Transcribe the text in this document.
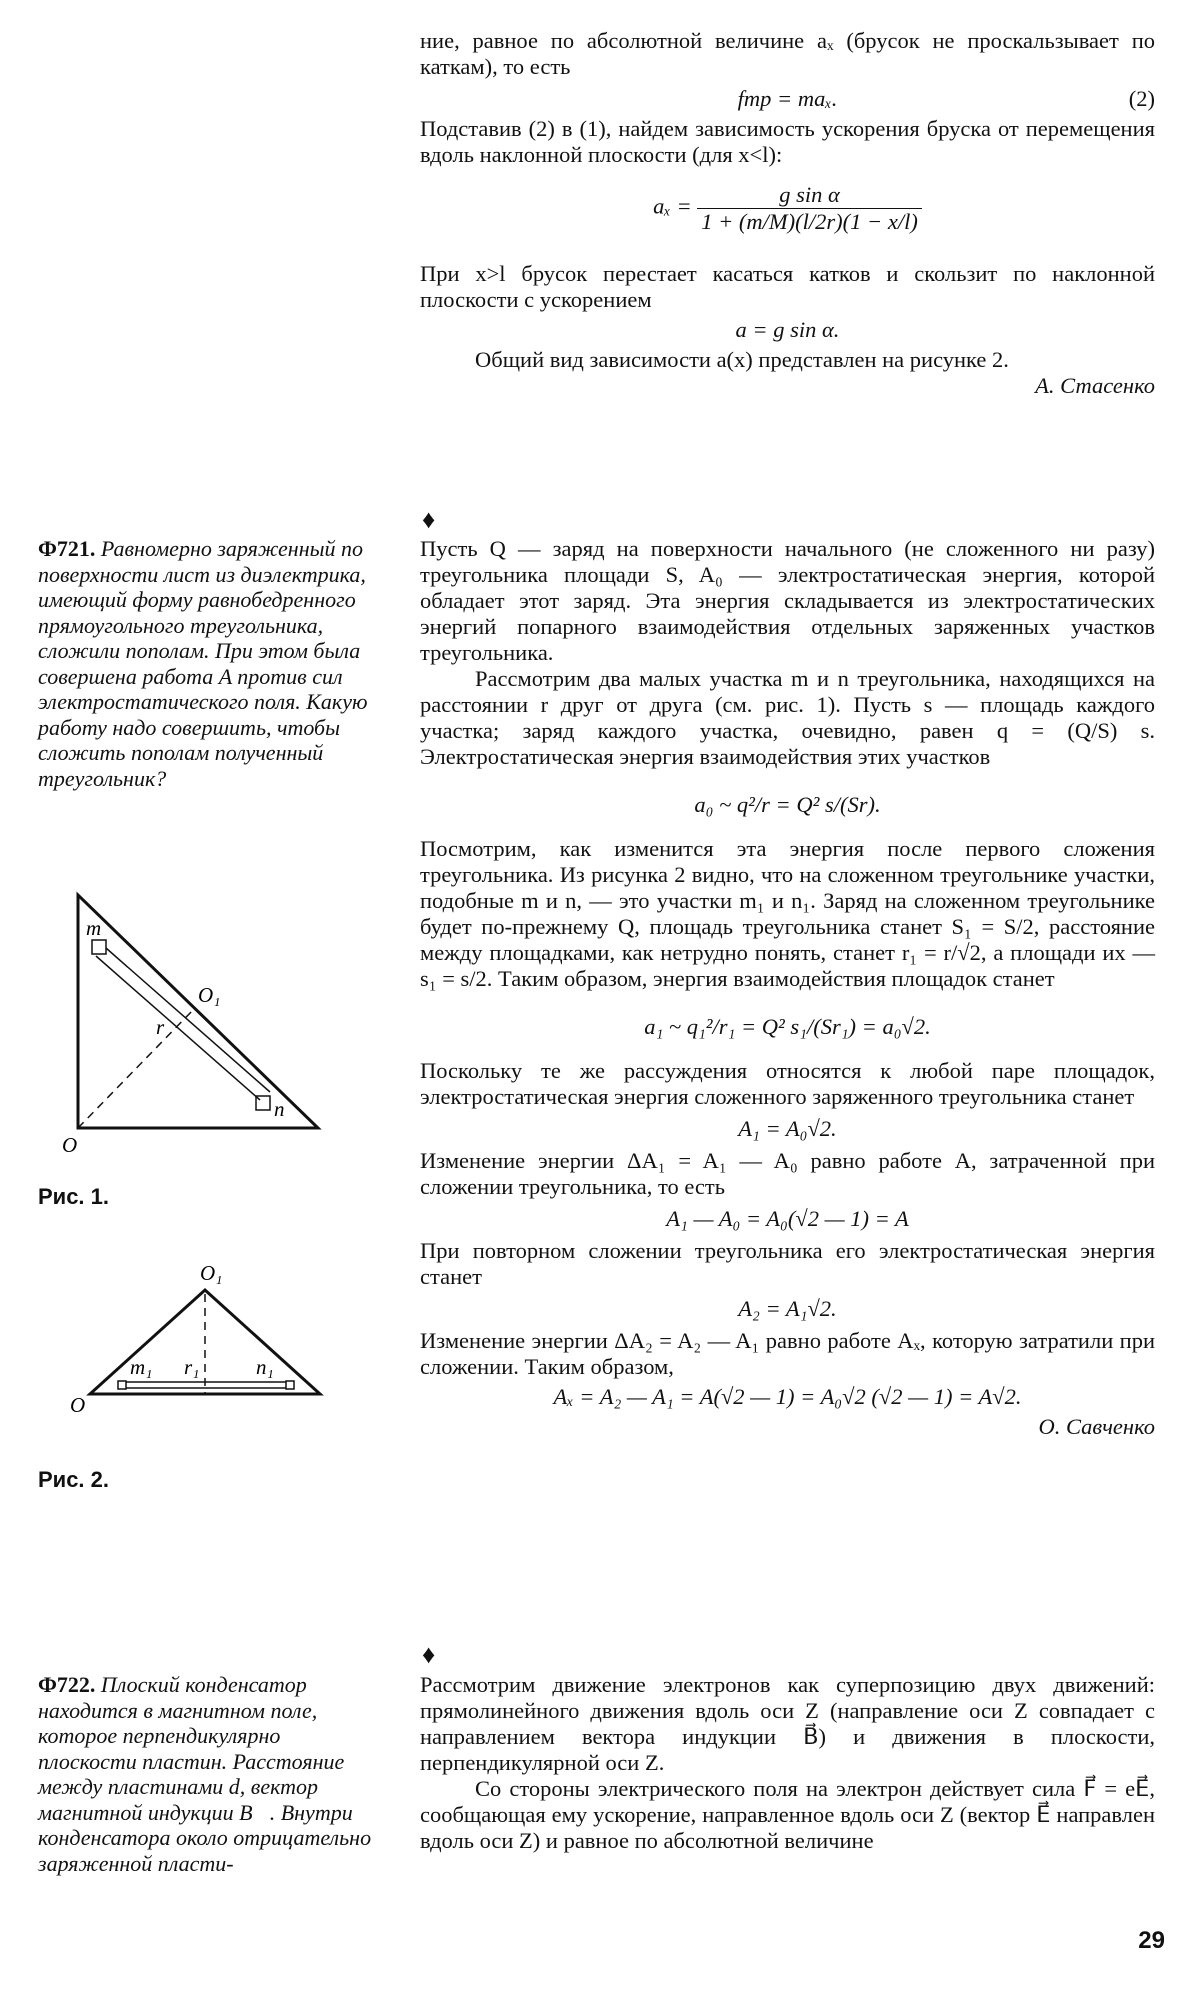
ние, равное по абсолютной величине aₓ (брусок не проскальзывает по каткам), то есть

fтр = maₓ.	(2)

Подставив (2) в (1), найдем зависимость ускорения бруска от перемещения вдоль наклонной плоскости (для x<l):

$a_x = \frac{\text{g sin α}}{1 + (m/M)(l/2r)(1 - x/l)}$

При x>l брусок перестает касаться катков и скользит по наклонной плоскости с ускорением

a = g sin α.

Общий вид зависимости a(x) представлен на рисунке 2.

А. Стасенко

Ф721. Равномерно заряженный по поверхности лист из диэлектрика, имеющий форму равнобедренного прямоугольного треугольника, сложили пополам. При этом была совершена работа A против сил электростатического поля. Какую работу надо совершить, чтобы сложить пополам полученный треугольник?

m
O₁
r
n
O
Рис. 1.
O₁
m₁ r₁	n₁
O
Рис. 2.
♦

Пусть Q — заряд на поверхности начального (не сложенного ни разу) треугольника площади S, A₀ — электростатическая энергия, которой обладает этот заряд. Эта энергия складывается из электростатических энергий попарного взаимодействия отдельных заряженных участков треугольника.

Рассмотрим два малых участка m и n треугольника, находящихся на расстоянии r друг от друга (см. рис. 1). Пусть s — площадь каждого участка; заряд каждого участка, очевидно, равен q = (Q/S) s. Электростатическая энергия взаимодействия этих участков

a₀ ~ q²/r = Q² s/(Sr).

Посмотрим, как изменится эта энергия после первого сложения треугольника. Из рисунка 2 видно, что на сложенном треугольнике участки, подобные m и n, — это участки m₁ и n₁. Заряд на сложенном треугольнике будет по-прежнему Q, площадь треугольника станет S₁ = S/2, расстояние между площадками, как нетрудно понять, станет r₁ = r/√2, а площади их — s₁ = s/2. Таким образом, энергия взаимодействия площадок станет

a₁ ~ q₁²/r₁ = Q² s₁/(Sr₁) = a₀√2.

Поскольку те же рассуждения относятся к любой паре площадок, электростатическая энергия сложенного заряженного треугольника станет

A₁ = A₀√2.

Изменение энергии ΔA₁ = A₁ — A₀ равно работе A, затраченной при сложении треугольника, то есть

A₁ — A₀ = A₀(√2 — 1) = A

При повторном сложении треугольника его электростатическая энергия станет

A₂ = A₁√2.

Изменение энергии ΔA₂ = A₂ — A₁ равно работе Aₓ, которую затратили при сложении. Таким образом,

Aₓ = A₂ — A₁ = A(√2 — 1) = A₀√2 (√2 — 1) = A√2.
О. Савченко

Ф722. Плоский конденсатор находится в магнитном поле, которое перпендикулярно плоскости пластин. Расстояние между пластинами d, вектор магнитной индукции B⃗. Внутри конденсатора около отрицательно заряженной пласти-

♦

Рассмотрим движение электронов как суперпозицию двух движений: прямолинейного движения вдоль оси Z (направление оси Z совпадает с направлением вектора индукции B⃗) и движения в плоскости, перпендикулярной оси Z.

Со стороны электрического поля на электрон действует сила F⃗ = eE⃗, сообщающая ему ускорение, направленное вдоль оси Z (вектор E⃗ направлен вдоль оси Z) и равное по абсолютной величине

29
